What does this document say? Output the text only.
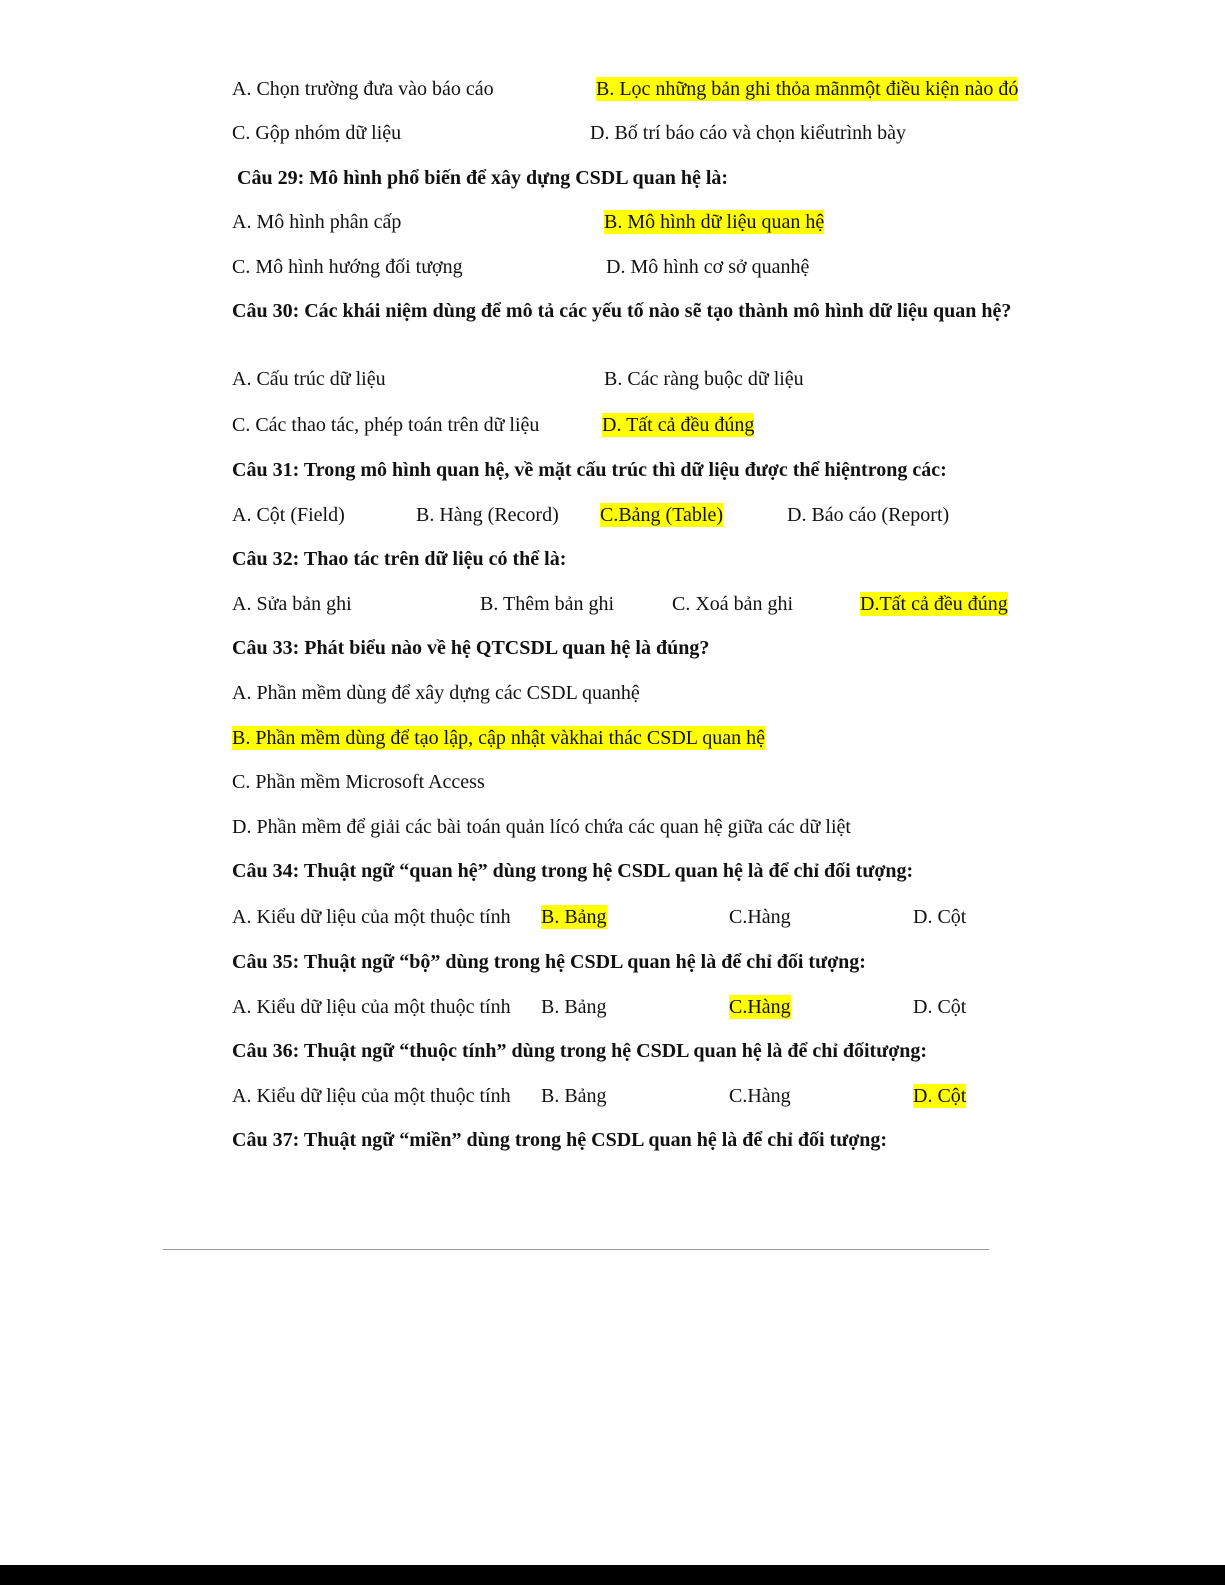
A. Chọn trường đưa vào báo cáo	B. Lọc những bản ghi thỏa mãnmột điều kiện nào đó
C. Gộp nhóm dữ liệu	D. Bố trí báo cáo và chọn kiểutrình bày
Câu 29: Mô hình phổ biến để xây dựng CSDL quan hệ là:
A. Mô hình phân cấp	B. Mô hình dữ liệu quan hệ
C. Mô hình hướng đối tượng	D. Mô hình cơ sở quanhệ
Câu 30: Các khái niệm dùng để mô tả các yếu tố nào sẽ tạo thành mô hình dữ liệu quan hệ?
A. Cấu trúc dữ liệu	B. Các ràng buộc dữ liệu
C. Các thao tác, phép toán trên dữ liệu	D. Tất cả đều đúng
Câu 31: Trong mô hình quan hệ, về mặt cấu trúc thì dữ liệu được thể hiệntrong các:
A. Cột (Field)	B. Hàng (Record) C.Bảng (Table)	D. Báo cáo (Report)
Câu 32: Thao tác trên dữ liệu có thể là:
A. Sửa bản ghi	B. Thêm bản ghi	C. Xoá bản ghi	D.Tất cả đều đúng
Câu 33: Phát biểu nào về hệ QTCSDL quan hệ là đúng?
A. Phần mềm dùng để xây dựng các CSDL quanhệ
B. Phần mềm dùng để tạo lập, cập nhật vàkhai thác CSDL quan hệ
C. Phần mềm Microsoft Access
D. Phần mềm để giải các bài toán quản lícó chứa các quan hệ giữa các dữ liệt
Câu 34: Thuật ngữ “quan hệ” dùng trong hệ CSDL quan hệ là để chỉ đối tượng:
A. Kiểu dữ liệu của một thuộc tính B. Bảng	C.Hàng	D. Cột
Câu 35: Thuật ngữ “bộ” dùng trong hệ CSDL quan hệ là để chỉ đối tượng:
A. Kiểu dữ liệu của một thuộc tính B. Bảng	C.Hàng	D. Cột
Câu 36: Thuật ngữ “thuộc tính” dùng trong hệ CSDL quan hệ là để chỉ đốitượng:
A. Kiểu dữ liệu của một thuộc tính B. Bảng	C.Hàng	D. Cột
Câu 37: Thuật ngữ “miền” dùng trong hệ CSDL quan hệ là để chỉ đối tượng:
